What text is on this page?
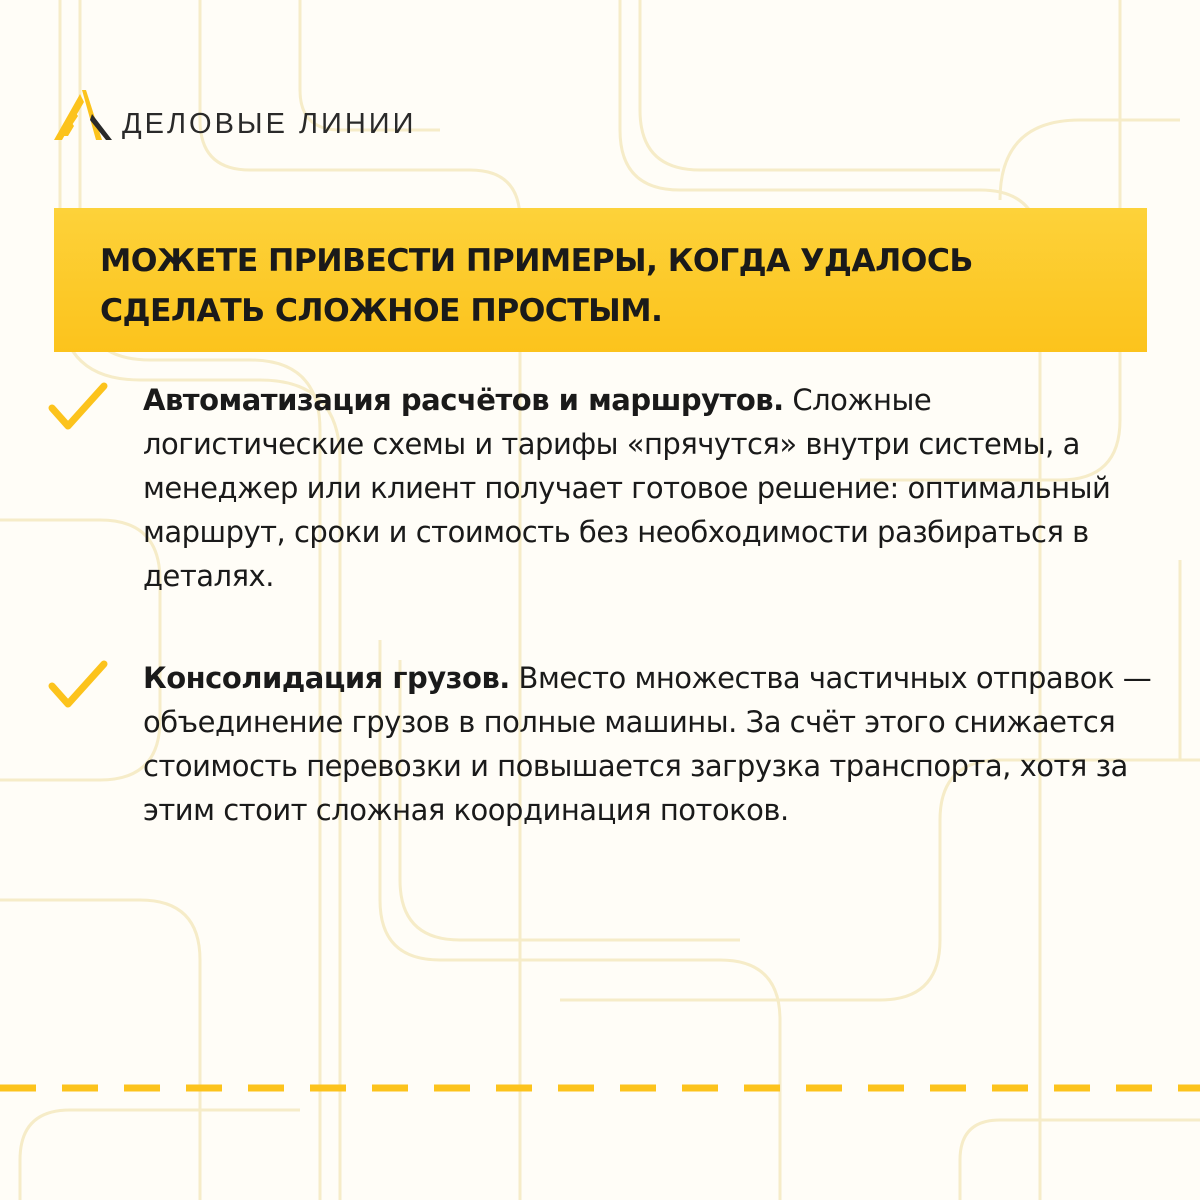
ДЕЛОВЫЕ ЛИНИИ

МОЖЕТЕ ПРИВЕСТИ ПРИМЕРЫ, КОГДА УДАЛОСЬ СДЕЛАТЬ СЛОЖНОЕ ПРОСТЫМ.

Автоматизация расчётов и маршрутов. Сложные логистические схемы и тарифы «прячутся» внутри системы, а менеджер или клиент получает готовое решение: оптимальный маршрут, сроки и стоимость без необходимости разбираться в деталях.

Консолидация грузов. Вместо множества частичных отправок — объединение грузов в полные машины. За счёт этого снижается стоимость перевозки и повышается загрузка транспорта, хотя за этим стоит сложная координация потоков.
